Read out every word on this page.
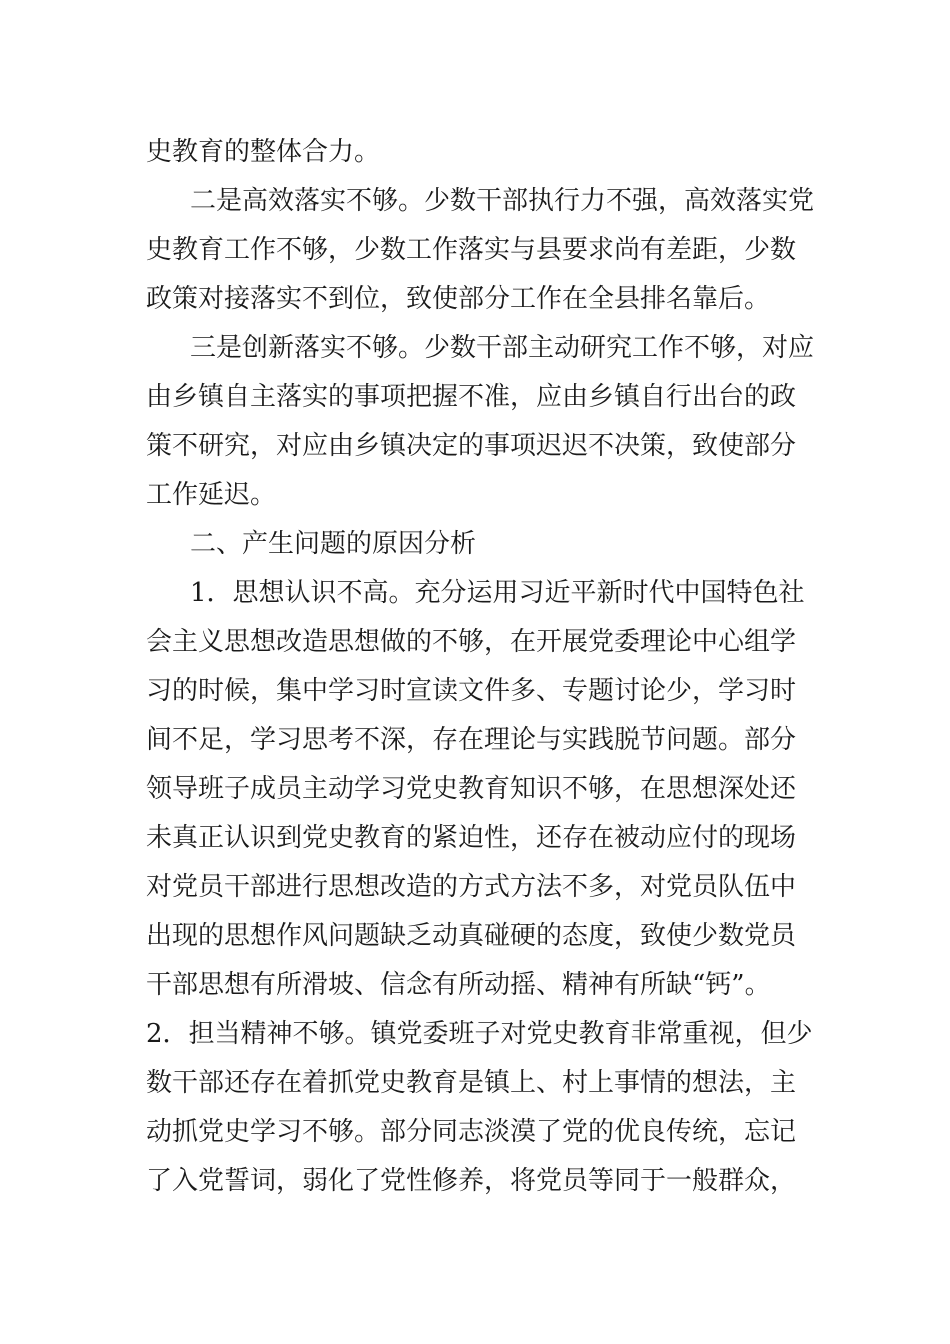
史教育的整体合力。
二是高效落实不够。少数干部执行力不强，高效落实党
史教育工作不够，少数工作落实与县要求尚有差距，少数
政策对接落实不到位，致使部分工作在全县排名靠后。
三是创新落实不够。少数干部主动研究工作不够，对应
由乡镇自主落实的事项把握不准，应由乡镇自行出台的政
策不研究，对应由乡镇决定的事项迟迟不决策，致使部分
工作延迟。
二、产生问题的原因分析
1．思想认识不高。充分运用习近平新时代中国特色社
会主义思想改造思想做的不够，在开展党委理论中心组学
习的时候，集中学习时宣读文件多、专题讨论少，学习时
间不足，学习思考不深，存在理论与实践脱节问题。部分
领导班子成员主动学习党史教育知识不够，在思想深处还
未真正认识到党史教育的紧迫性，还存在被动应付的现场
对党员干部进行思想改造的方式方法不多，对党员队伍中
出现的思想作风问题缺乏动真碰硬的态度，致使少数党员
干部思想有所滑坡、信念有所动摇、精神有所缺“钙”。
2．担当精神不够。镇党委班子对党史教育非常重视，但少
数干部还存在着抓党史教育是镇上、村上事情的想法，主
动抓党史学习不够。部分同志淡漠了党的优良传统，忘记
了入党誓词，弱化了党性修养，将党员等同于一般群众，
